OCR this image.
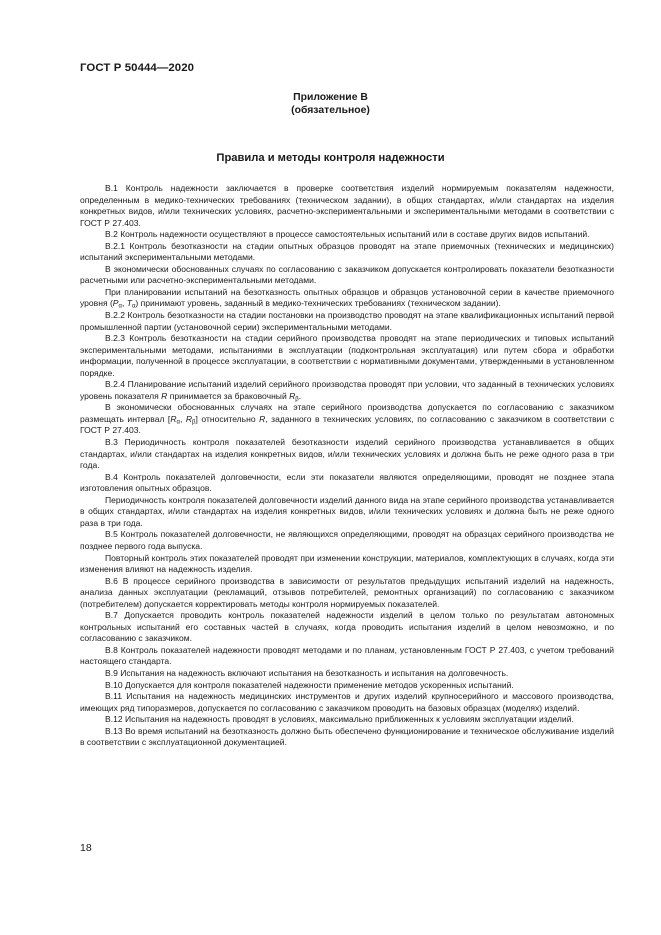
ГОСТ Р 50444—2020
Приложение В
(обязательное)
Правила и методы контроля надежности

В.1 Контроль надежности заключается в проверке соответствия изделий нормируемым показателям надежности, определенным в медико-технических требованиях (техническом задании), в общих стандартах, и/или стандартах на изделия конкретных видов, и/или технических условиях, расчетно-экспериментальными и экспериментальными методами в соответствии с ГОСТ Р 27.403.

В.2 Контроль надежности осуществляют в процессе самостоятельных испытаний или в составе других видов испытаний.

В.2.1 Контроль безотказности на стадии опытных образцов проводят на этапе приемочных (технических и медицинских) испытаний экспериментальными методами.

В экономически обоснованных случаях по согласованию с заказчиком допускается контролировать показатели безотказности расчетными или расчетно-экспериментальными методами.

При планировании испытаний на безотказность опытных образцов и образцов установочной серии в качестве приемочного уровня ($P_\alpha$, $T_\alpha$) принимают уровень, заданный в медико-технических требованиях (техническом задании).

В.2.2 Контроль безотказности на стадии постановки на производство проводят на этапе квалификационных испытаний первой промышленной партии (установочной серии) экспериментальными методами.

В.2.3 Контроль безотказности на стадии серийного производства проводят на этапе периодических и типовых испытаний экспериментальными методами, испытаниями в эксплуатации (подконтрольная эксплуатация) или путем сбора и обработки информации, полученной в процессе эксплуатации, в соответствии с нормативными документами, утвержденными в установленном порядке.

В.2.4 Планирование испытаний изделий серийного производства проводят при условии, что заданный в технических условиях уровень показателя R принимается за браковочный $R_\beta$.

В экономически обоснованных случаях на этапе серийного производства допускается по согласованию с заказчиком размещать интервал [$R_\alpha$, $R_\beta$] относительно R, заданного в технических условиях, по согласованию с заказчиком в соответствии с ГОСТ Р 27.403.

В.3 Периодичность контроля показателей безотказности изделий серийного производства устанавливается в общих стандартах, и/или стандартах на изделия конкретных видов, и/или технических условиях и должна быть не реже одного раза в три года.

В.4 Контроль показателей долговечности, если эти показатели являются определяющими, проводят не позднее этапа изготовления опытных образцов.

Периодичность контроля показателей долговечности изделий данного вида на этапе серийного производства устанавливается в общих стандартах, и/или стандартах на изделия конкретных видов, и/или технических условиях и должна быть не реже одного раза в три года.

В.5 Контроль показателей долговечности, не являющихся определяющими, проводят на образцах серийного производства не позднее первого года выпуска.

Повторный контроль этих показателей проводят при изменении конструкции, материалов, комплектующих в случаях, когда эти изменения влияют на надежность изделия.

В.6 В процессе серийного производства в зависимости от результатов предыдущих испытаний изделий на надежность, анализа данных эксплуатации (рекламаций, отзывов потребителей, ремонтных организаций) по согласованию с заказчиком (потребителем) допускается корректировать методы контроля нормируемых показателей.

В.7 Допускается проводить контроль показателей надежности изделий в целом только по результатам автономных контрольных испытаний его составных частей в случаях, когда проводить испытания изделий в целом невозможно, и по согласованию с заказчиком.

В.8 Контроль показателей надежности проводят методами и по планам, установленным ГОСТ Р 27.403, с учетом требований настоящего стандарта.

В.9 Испытания на надежность включают испытания на безотказность и испытания на долговечность.

В.10 Допускается для контроля показателей надежности применение методов ускоренных испытаний.

В.11 Испытания на надежность медицинских инструментов и других изделий крупносерийного и массового производства, имеющих ряд типоразмеров, допускается по согласованию с заказчиком проводить на базовых образцах (моделях) изделий.

В.12 Испытания на надежность проводят в условиях, максимально приближенных к условиям эксплуатации изделий.

В.13 Во время испытаний на безотказность должно быть обеспечено функционирование и техническое обслуживание изделий в соответствии с эксплуатационной документацией.

18
